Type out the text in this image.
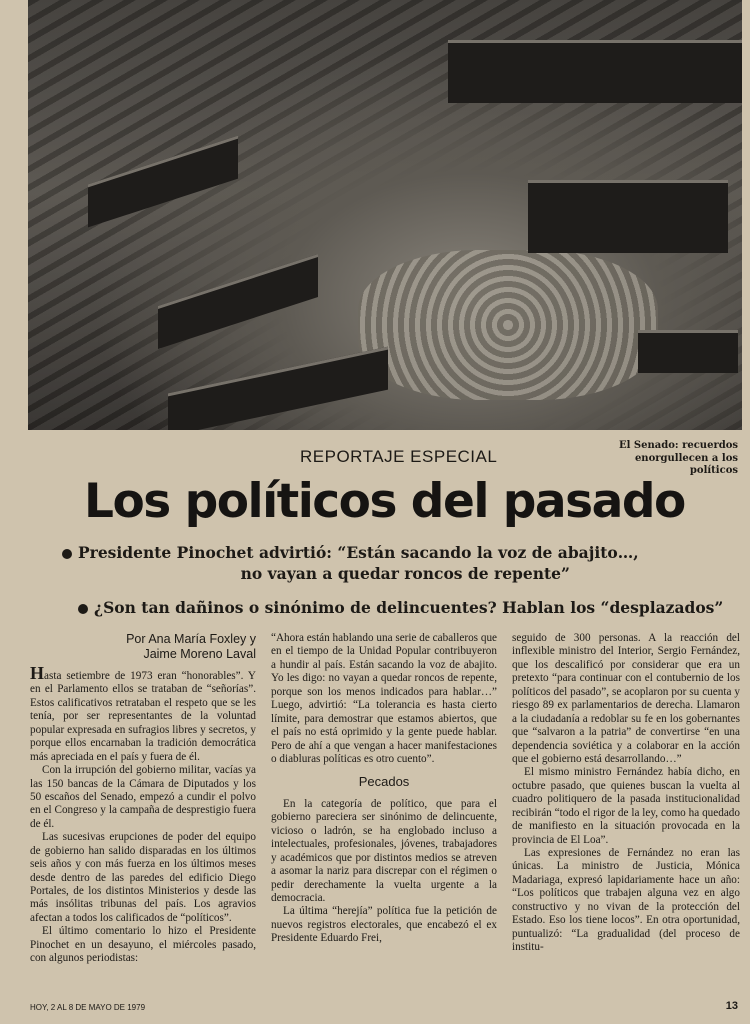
El Senado: recuerdos enorgullecen a los políticos
REPORTAJE ESPECIAL
Los políticos del pasado
Presidente Pinochet advirtió: “Están sacando la voz de abajito…,
no vayan a quedar roncos de repente”
¿Son tan dañinos o sinónimo de delincuentes? Hablan los “desplazados”
Por Ana María Foxley y
Jaime Moreno Laval

Hasta setiembre de 1973 eran “honorables”. Y en el Parlamento ellos se trataban de “señorías”. Estos calificativos retrataban el respeto que se les tenía, por ser representantes de la voluntad popular expresada en sufragios libres y secretos, y porque ellos encarnaban la tradición democrática más apreciada en el país y fuera de él.

Con la irrupción del gobierno militar, vacías ya las 150 bancas de la Cámara de Diputados y los 50 escaños del Senado, empezó a cundir el polvo en el Congreso y la campaña de desprestigio fuera de él.

Las sucesivas erupciones de poder del equipo de gobierno han salido disparadas en los últimos seis años y con más fuerza en los últimos meses desde dentro de las paredes del edificio Diego Portales, de los distintos Ministerios y desde las más insólitas tribunas del país. Los agravios afectan a todos los calificados de “políticos”.

El último comentario lo hizo el Presidente Pinochet en un desayuno, el miércoles pasado, con algunos periodistas:

“Ahora están hablando una serie de caballeros que en el tiempo de la Unidad Popular contribuyeron a hundir al país. Están sacando la voz de abajito. Yo les digo: no vayan a quedar roncos de repente, porque son los menos indicados para hablar…” Luego, advirtió: “La tolerancia es hasta cierto límite, para demostrar que estamos abiertos, que el país no está oprimido y la gente puede hablar. Pero de ahí a que vengan a hacer manifestaciones o diabluras políticas es otro cuento”.

Pecados

En la categoría de político, que para el gobierno pareciera ser sinónimo de delincuente, vicioso o ladrón, se ha englobado incluso a intelectuales, profesionales, jóvenes, trabajadores y académicos que por distintos medios se atreven a asomar la nariz para discrepar con el régimen o pedir derechamente la vuelta urgente a la democracia.

La última “herejía” política fue la petición de nuevos registros electorales, que encabezó el ex Presidente Eduardo Frei,

seguido de 300 personas. A la reacción del inflexible ministro del Interior, Sergio Fernández, que los descalificó por considerar que era un pretexto “para continuar con el contubernio de los políticos del pasado”, se acoplaron por su cuenta y riesgo 89 ex parlamentarios de derecha. Llamaron a la ciudadanía a redoblar su fe en los gobernantes que “salvaron a la patria” de convertirse “en una dependencia soviética y a colaborar en la acción que el gobierno está desarrollando…”

El mismo ministro Fernández había dicho, en octubre pasado, que quienes buscan la vuelta al cuadro politiquero de la pasada institucionalidad recibirán “todo el rigor de la ley, como ha quedado de manifiesto en la situación provocada en la provincia de El Loa”.

Las expresiones de Fernández no eran las únicas. La ministro de Justicia, Mónica Madariaga, expresó lapidariamente hace un año: “Los políticos que trabajen alguna vez en algo constructivo y no vivan de la protección del Estado. Eso los tiene locos”. En otra oportunidad, puntualizó: “La gradualidad (del proceso de institu-

HOY, 2 AL 8 DE MAYO DE 1979	13
